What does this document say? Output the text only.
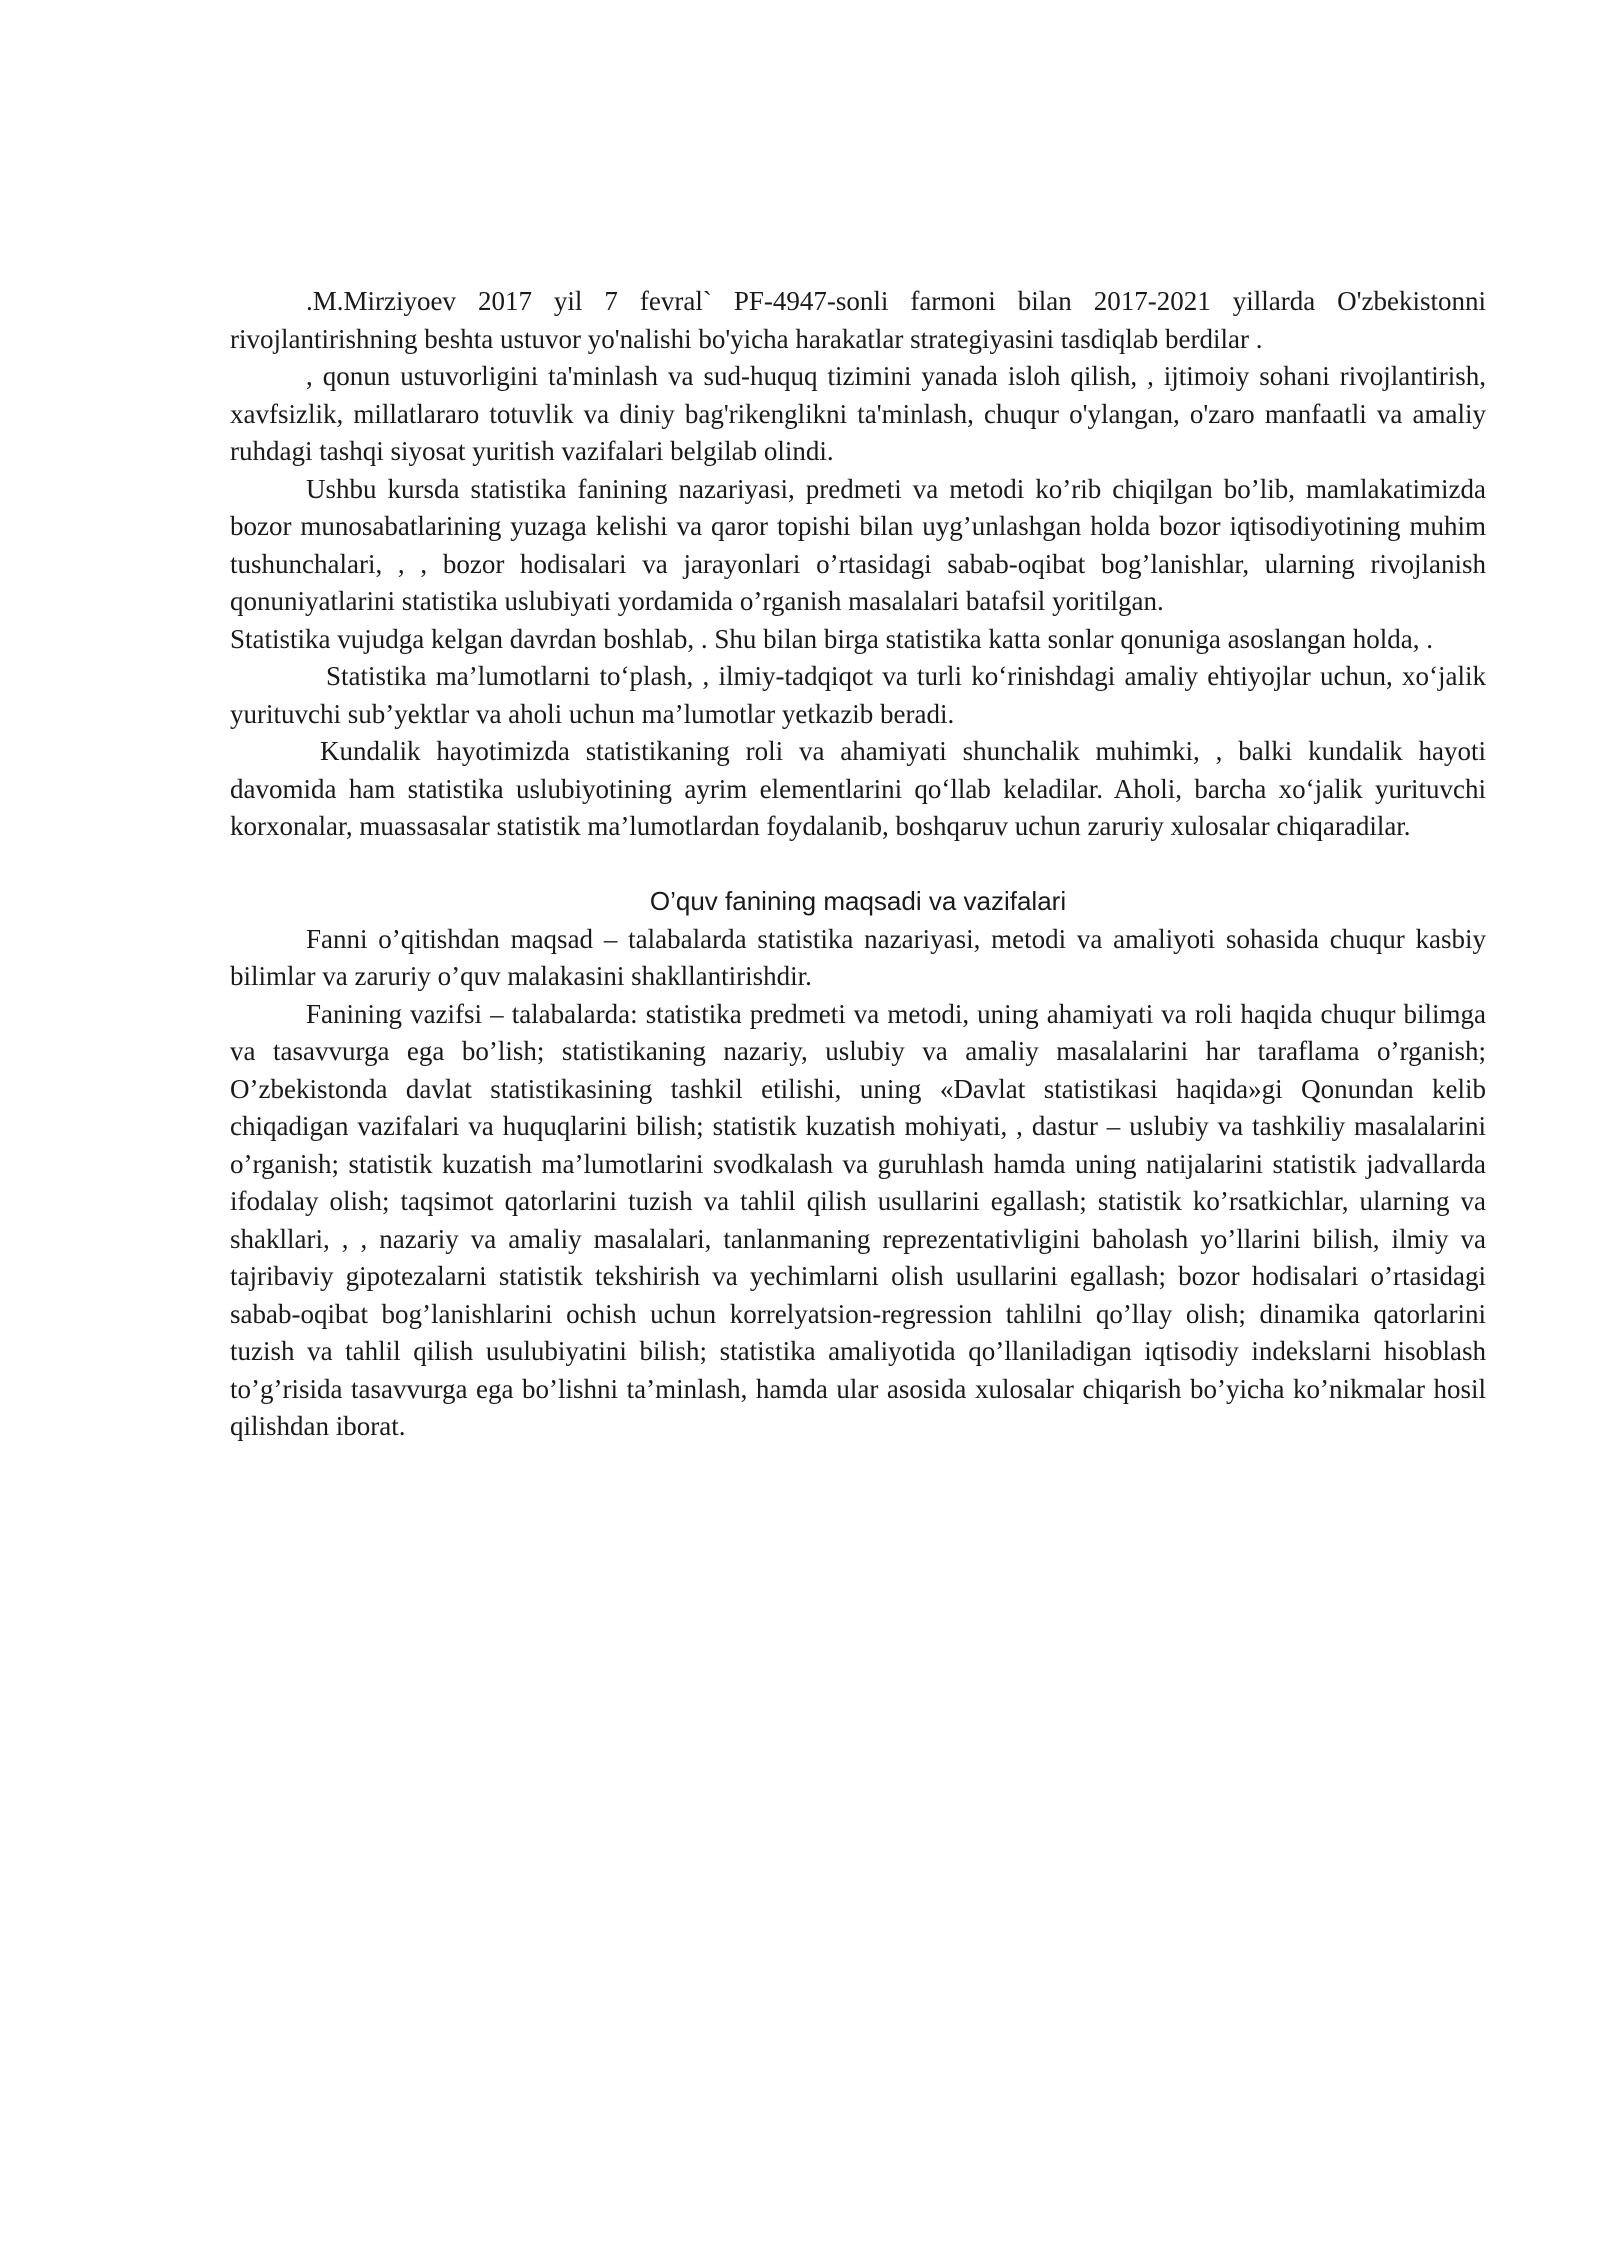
.M.Mirziyoev 2017 yil 7 fevral` PF-4947-sonli farmoni bilan 2017-2021 yillarda O'zbekistonni rivojlantirishning beshta ustuvor yo'nalishi bo'yicha harakatlar strategiyasini tasdiqlab berdilar .

, qonun ustuvorligini ta'minlash va sud-huquq tizimini yanada isloh qilish, , ijtimoiy sohani rivojlantirish, xavfsizlik, millatlararo totuvlik va diniy bag'rikenglikni ta'minlash, chuqur o'ylangan, o'zaro manfaatli va amaliy ruhdagi tashqi siyosat yuritish vazifalari belgilab olindi.

Ushbu kursda statistika fanining nazariyasi, predmeti va metodi ko’rib chiqilgan bo’lib, mamlakatimizda bozor munosabatlarining yuzaga kelishi va qaror topishi bilan uyg’unlashgan holda bozor iqtisodiyotining muhim tushunchalari, , , bozor hodisalari va jarayonlari o’rtasidagi sabab-oqibat bog’lanishlar, ularning rivojlanish qonuniyatlarini statistika uslubiyati yordamida o’rganish masalalari batafsil yoritilgan.

Statistika vujudga kelgan davrdan boshlab, . Shu bilan birga statistika katta sonlar qonuniga asoslangan holda, .

Statistika ma’lumotlarni to‘plash, , ilmiy-tadqiqot va turli ko‘rinishdagi amaliy ehtiyojlar uchun, xo‘jalik yurituvchi sub’yektlar va aholi uchun ma’lumotlar yetkazib beradi.

Kundalik hayotimizda statistikaning roli va ahamiyati shunchalik muhimki, , balki kundalik hayoti davomida ham statistika uslubiyotining ayrim elementlarini qo‘llab keladilar. Aholi, barcha xo‘jalik yurituvchi korxonalar, muassasalar statistik ma’lumotlardan foydalanib, boshqaruv uchun zaruriy xulosalar chiqaradilar.

O’quv fanining maqsadi va vazifalari

Fanni o’qitishdan maqsad – talabalarda statistika nazariyasi, metodi va amaliyoti sohasida chuqur kasbiy bilimlar va zaruriy o’quv malakasini shakllantirishdir.

Fanining vazifsi – talabalarda: statistika predmeti va metodi, uning ahamiyati va roli haqida chuqur bilimga va tasavvurga ega bo’lish; statistikaning nazariy, uslubiy va amaliy masalalarini har taraflama o’rganish; O’zbekistonda davlat statistikasining tashkil etilishi, uning «Davlat statistikasi haqida»gi Qonundan kelib chiqadigan vazifalari va huquqlarini bilish; statistik kuzatish mohiyati, , dastur – uslubiy va tashkiliy masalalarini o’rganish; statistik kuzatish ma’lumotlarini svodkalash va guruhlash hamda uning natijalarini statistik jadvallarda ifodalay olish; taqsimot qatorlarini tuzish va tahlil qilish usullarini egallash; statistik ko’rsatkichlar, ularning va shakllari, , , nazariy va amaliy masalalari, tanlanmaning reprezentativligini baholash yo’llarini bilish, ilmiy va tajribaviy gipotezalarni statistik tekshirish va yechimlarni olish usullarini egallash; bozor hodisalari o’rtasidagi sabab-oqibat bog’lanishlarini ochish uchun korrelyatsion-regression tahlilni qo’llay olish; dinamika qatorlarini tuzish va tahlil qilish usulubiyatini bilish; statistika amaliyotida qo’llaniladigan iqtisodiy indekslarni hisoblash to’g’risida tasavvurga ega bo’lishni ta’minlash, hamda ular asosida xulosalar chiqarish bo’yicha ko’nikmalar hosil qilishdan iborat.
